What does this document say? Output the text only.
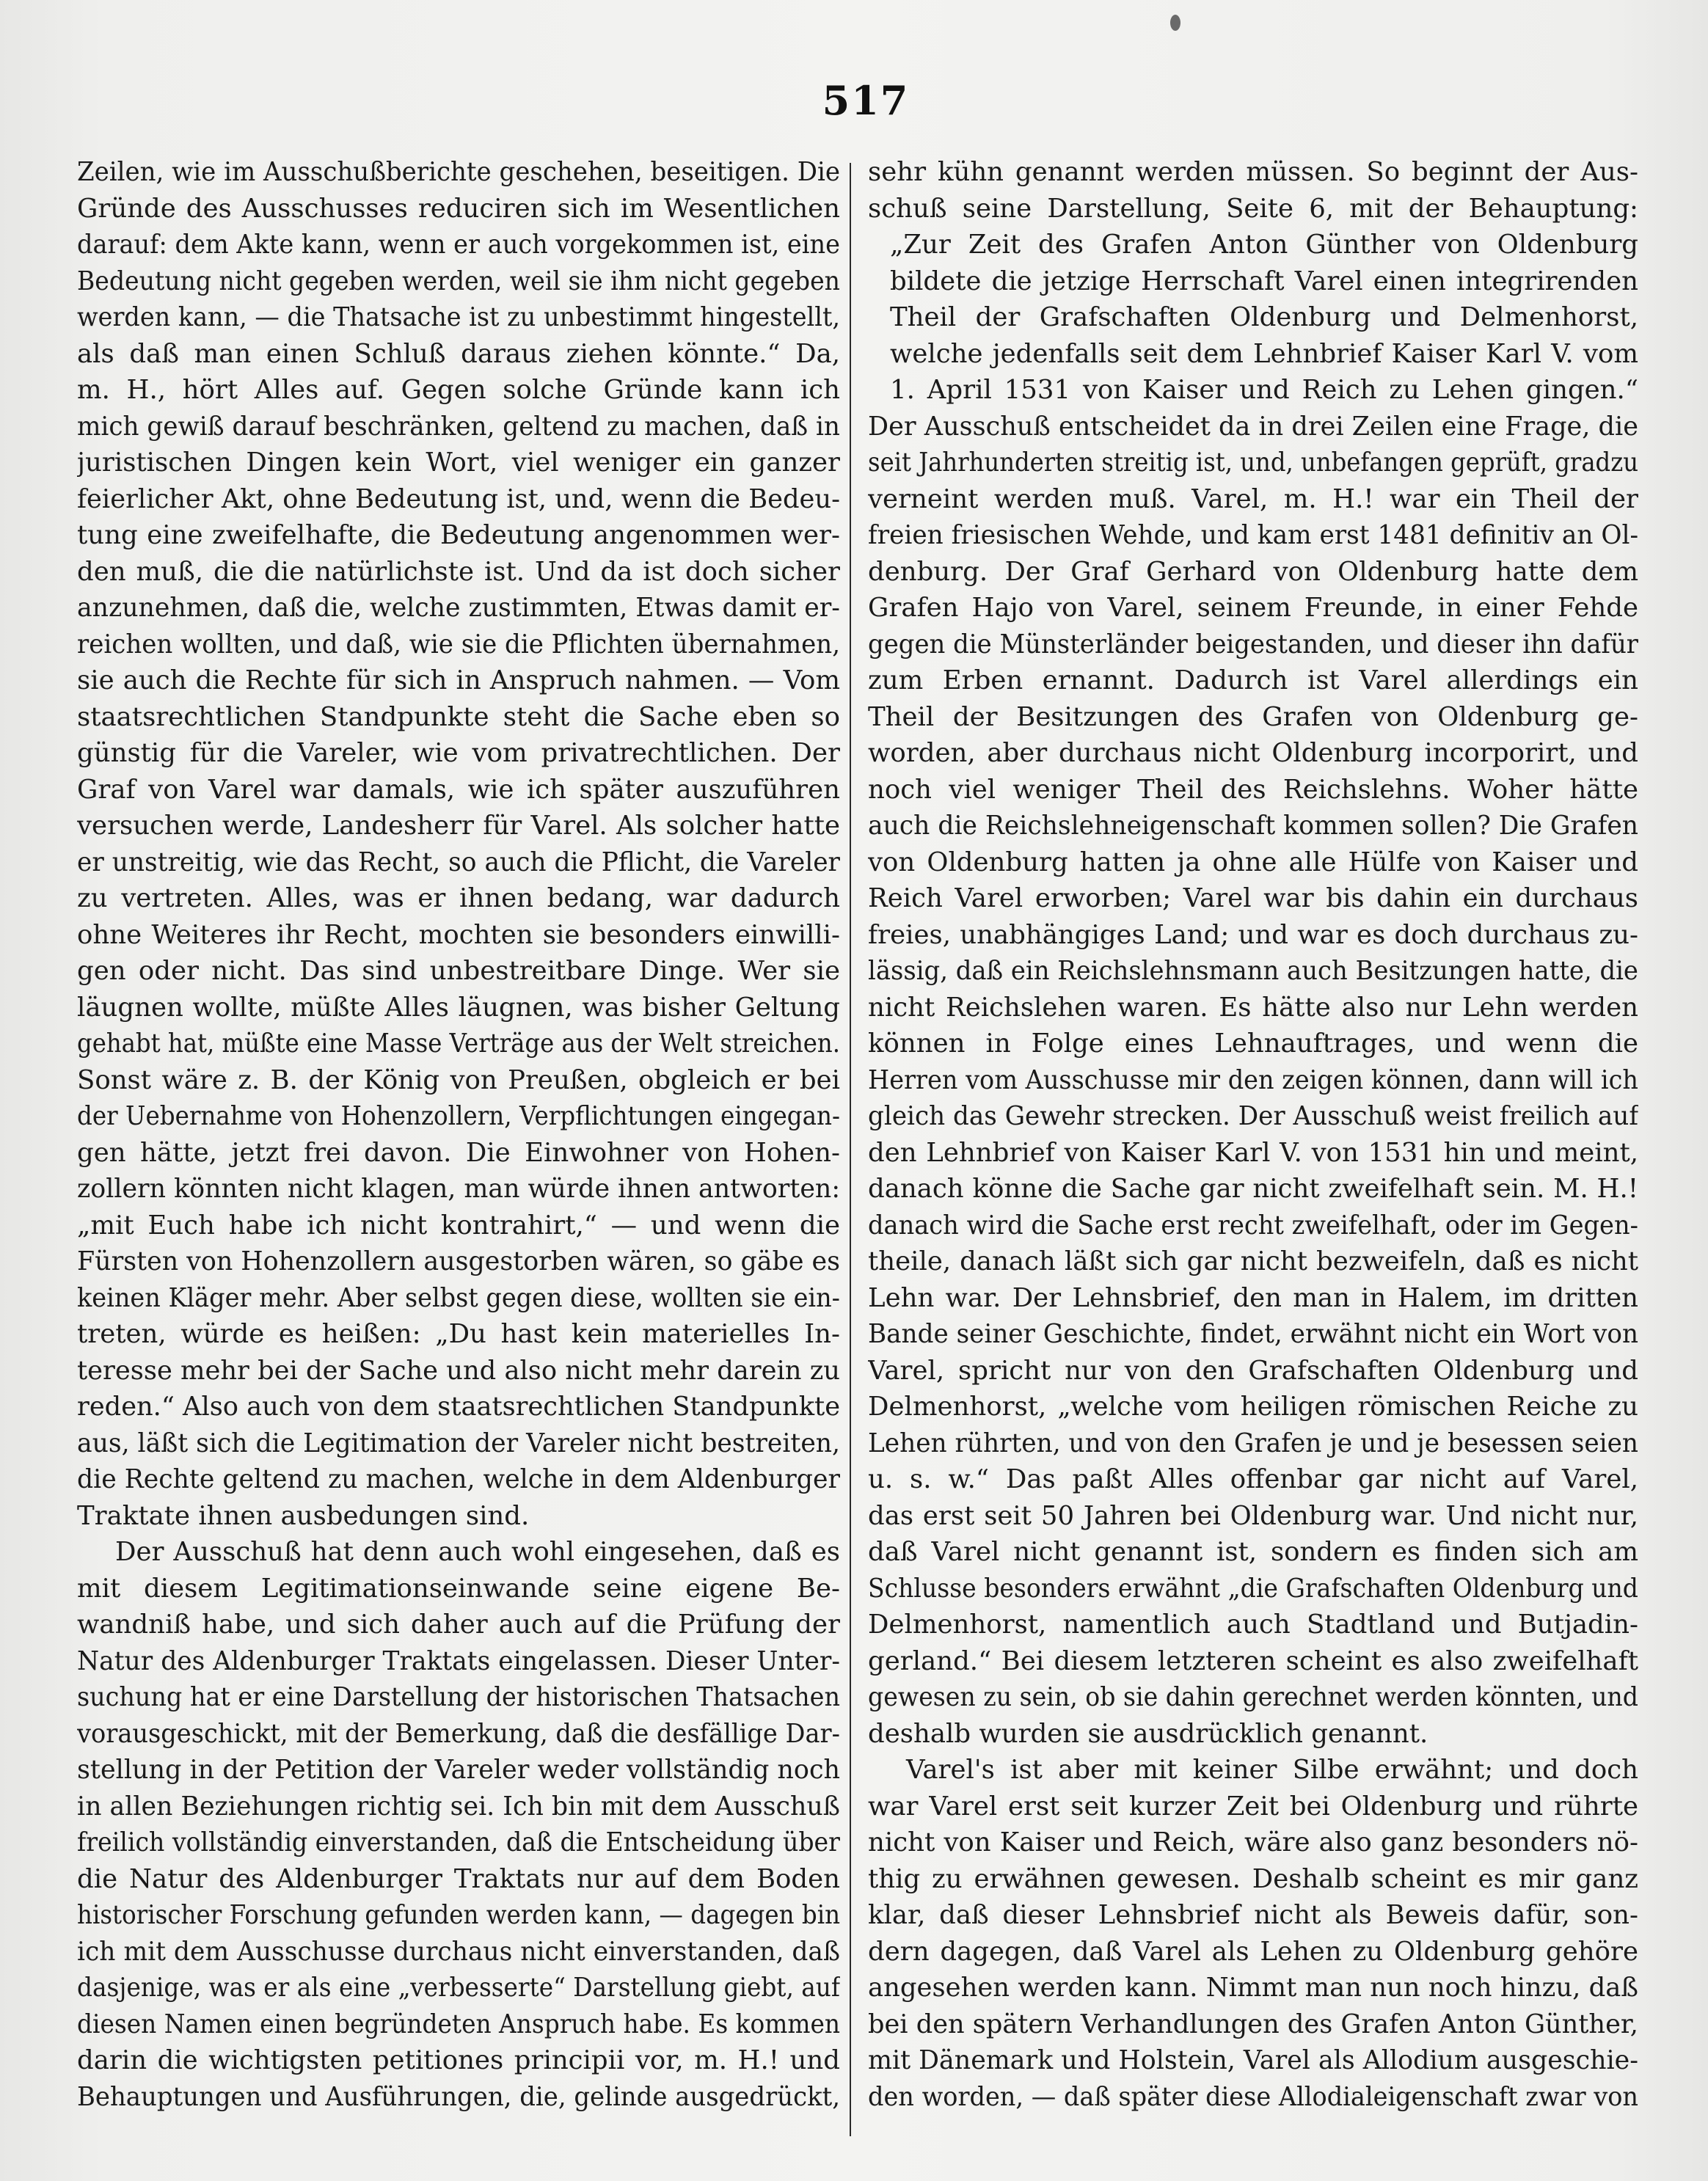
517
Zeilen, wie im Ausschußberichte geschehen, beseitigen. Die
Gründe des Ausschusses reduciren sich im Wesentlichen
darauf: dem Akte kann, wenn er auch vorgekommen ist, eine
Bedeutung nicht gegeben werden, weil sie ihm nicht gegeben
werden kann, — die Thatsache ist zu unbestimmt hingestellt,
als daß man einen Schluß daraus ziehen könnte.“ Da,
m. H., hört Alles auf. Gegen solche Gründe kann ich
mich gewiß darauf beschränken, geltend zu machen, daß in
juristischen Dingen kein Wort, viel weniger ein ganzer
feierlicher Akt, ohne Bedeutung ist, und, wenn die Bedeu-
tung eine zweifelhafte, die Bedeutung angenommen wer-
den muß, die die natürlichste ist. Und da ist doch sicher
anzunehmen, daß die, welche zustimmten, Etwas damit er-
reichen wollten, und daß, wie sie die Pflichten übernahmen,
sie auch die Rechte für sich in Anspruch nahmen. — Vom
staatsrechtlichen Standpunkte steht die Sache eben so
günstig für die Vareler, wie vom privatrechtlichen. Der
Graf von Varel war damals, wie ich später auszuführen
versuchen werde, Landesherr für Varel. Als solcher hatte
er unstreitig, wie das Recht, so auch die Pflicht, die Vareler
zu vertreten. Alles, was er ihnen bedang, war dadurch
ohne Weiteres ihr Recht, mochten sie besonders einwilli-
gen oder nicht. Das sind unbestreitbare Dinge. Wer sie
läugnen wollte, müßte Alles läugnen, was bisher Geltung
gehabt hat, müßte eine Masse Verträge aus der Welt streichen.
Sonst wäre z. B. der König von Preußen, obgleich er bei
der Uebernahme von Hohenzollern, Verpflichtungen eingegan-
gen hätte, jetzt frei davon. Die Einwohner von Hohen-
zollern könnten nicht klagen, man würde ihnen antworten:
„mit Euch habe ich nicht kontrahirt,“ — und wenn die
Fürsten von Hohenzollern ausgestorben wären, so gäbe es
keinen Kläger mehr. Aber selbst gegen diese, wollten sie ein-
treten, würde es heißen: „Du hast kein materielles In-
teresse mehr bei der Sache und also nicht mehr darein zu
reden.“ Also auch von dem staatsrechtlichen Standpunkte
aus, läßt sich die Legitimation der Vareler nicht bestreiten,
die Rechte geltend zu machen, welche in dem Aldenburger
Traktate ihnen ausbedungen sind.
Der Ausschuß hat denn auch wohl eingesehen, daß es
mit diesem Legitimationseinwande seine eigene Be-
wandniß habe, und sich daher auch auf die Prüfung der
Natur des Aldenburger Traktats eingelassen. Dieser Unter-
suchung hat er eine Darstellung der historischen Thatsachen
vorausgeschickt, mit der Bemerkung, daß die desfällige Dar-
stellung in der Petition der Vareler weder vollständig noch
in allen Beziehungen richtig sei. Ich bin mit dem Ausschuß
freilich vollständig einverstanden, daß die Entscheidung über
die Natur des Aldenburger Traktats nur auf dem Boden
historischer Forschung gefunden werden kann, — dagegen bin
ich mit dem Ausschusse durchaus nicht einverstanden, daß
dasjenige, was er als eine „verbesserte“ Darstellung giebt, auf
diesen Namen einen begründeten Anspruch habe. Es kommen
darin die wichtigsten petitiones principii vor, m. H.! und
Behauptungen und Ausführungen, die, gelinde ausgedrückt,
sehr kühn genannt werden müssen. So beginnt der Aus-
schuß seine Darstellung, Seite 6, mit der Behauptung:
„Zur Zeit des Grafen Anton Günther von Oldenburg
bildete die jetzige Herrschaft Varel einen integrirenden
Theil der Grafschaften Oldenburg und Delmenhorst,
welche jedenfalls seit dem Lehnbrief Kaiser Karl V. vom
1. April 1531 von Kaiser und Reich zu Lehen gingen.“
Der Ausschuß entscheidet da in drei Zeilen eine Frage, die
seit Jahrhunderten streitig ist, und, unbefangen geprüft, gradzu
verneint werden muß. Varel, m. H.! war ein Theil der
freien friesischen Wehde, und kam erst 1481 definitiv an Ol-
denburg. Der Graf Gerhard von Oldenburg hatte dem
Grafen Hajo von Varel, seinem Freunde, in einer Fehde
gegen die Münsterländer beigestanden, und dieser ihn dafür
zum Erben ernannt. Dadurch ist Varel allerdings ein
Theil der Besitzungen des Grafen von Oldenburg ge-
worden, aber durchaus nicht Oldenburg incorporirt, und
noch viel weniger Theil des Reichslehns. Woher hätte
auch die Reichslehneigenschaft kommen sollen? Die Grafen
von Oldenburg hatten ja ohne alle Hülfe von Kaiser und
Reich Varel erworben; Varel war bis dahin ein durchaus
freies, unabhängiges Land; und war es doch durchaus zu-
lässig, daß ein Reichslehnsmann auch Besitzungen hatte, die
nicht Reichslehen waren. Es hätte also nur Lehn werden
können in Folge eines Lehnauftrages, und wenn die
Herren vom Ausschusse mir den zeigen können, dann will ich
gleich das Gewehr strecken. Der Ausschuß weist freilich auf
den Lehnbrief von Kaiser Karl V. von 1531 hin und meint,
danach könne die Sache gar nicht zweifelhaft sein. M. H.!
danach wird die Sache erst recht zweifelhaft, oder im Gegen-
theile, danach läßt sich gar nicht bezweifeln, daß es nicht
Lehn war. Der Lehnsbrief, den man in Halem, im dritten
Bande seiner Geschichte, findet, erwähnt nicht ein Wort von
Varel, spricht nur von den Grafschaften Oldenburg und
Delmenhorst, „welche vom heiligen römischen Reiche zu
Lehen rührten, und von den Grafen je und je besessen seien
u. s. w.“ Das paßt Alles offenbar gar nicht auf Varel,
das erst seit 50 Jahren bei Oldenburg war. Und nicht nur,
daß Varel nicht genannt ist, sondern es finden sich am
Schlusse besonders erwähnt „die Grafschaften Oldenburg und
Delmenhorst, namentlich auch Stadtland und Butjadin-
gerland.“ Bei diesem letzteren scheint es also zweifelhaft
gewesen zu sein, ob sie dahin gerechnet werden könnten, und
deshalb wurden sie ausdrücklich genannt.
Varel's ist aber mit keiner Silbe erwähnt; und doch
war Varel erst seit kurzer Zeit bei Oldenburg und rührte
nicht von Kaiser und Reich, wäre also ganz besonders nö-
thig zu erwähnen gewesen. Deshalb scheint es mir ganz
klar, daß dieser Lehnsbrief nicht als Beweis dafür, son-
dern dagegen, daß Varel als Lehen zu Oldenburg gehöre
angesehen werden kann. Nimmt man nun noch hinzu, daß
bei den spätern Verhandlungen des Grafen Anton Günther,
mit Dänemark und Holstein, Varel als Allodium ausgeschie-
den worden, — daß später diese Allodialeigenschaft zwar von
